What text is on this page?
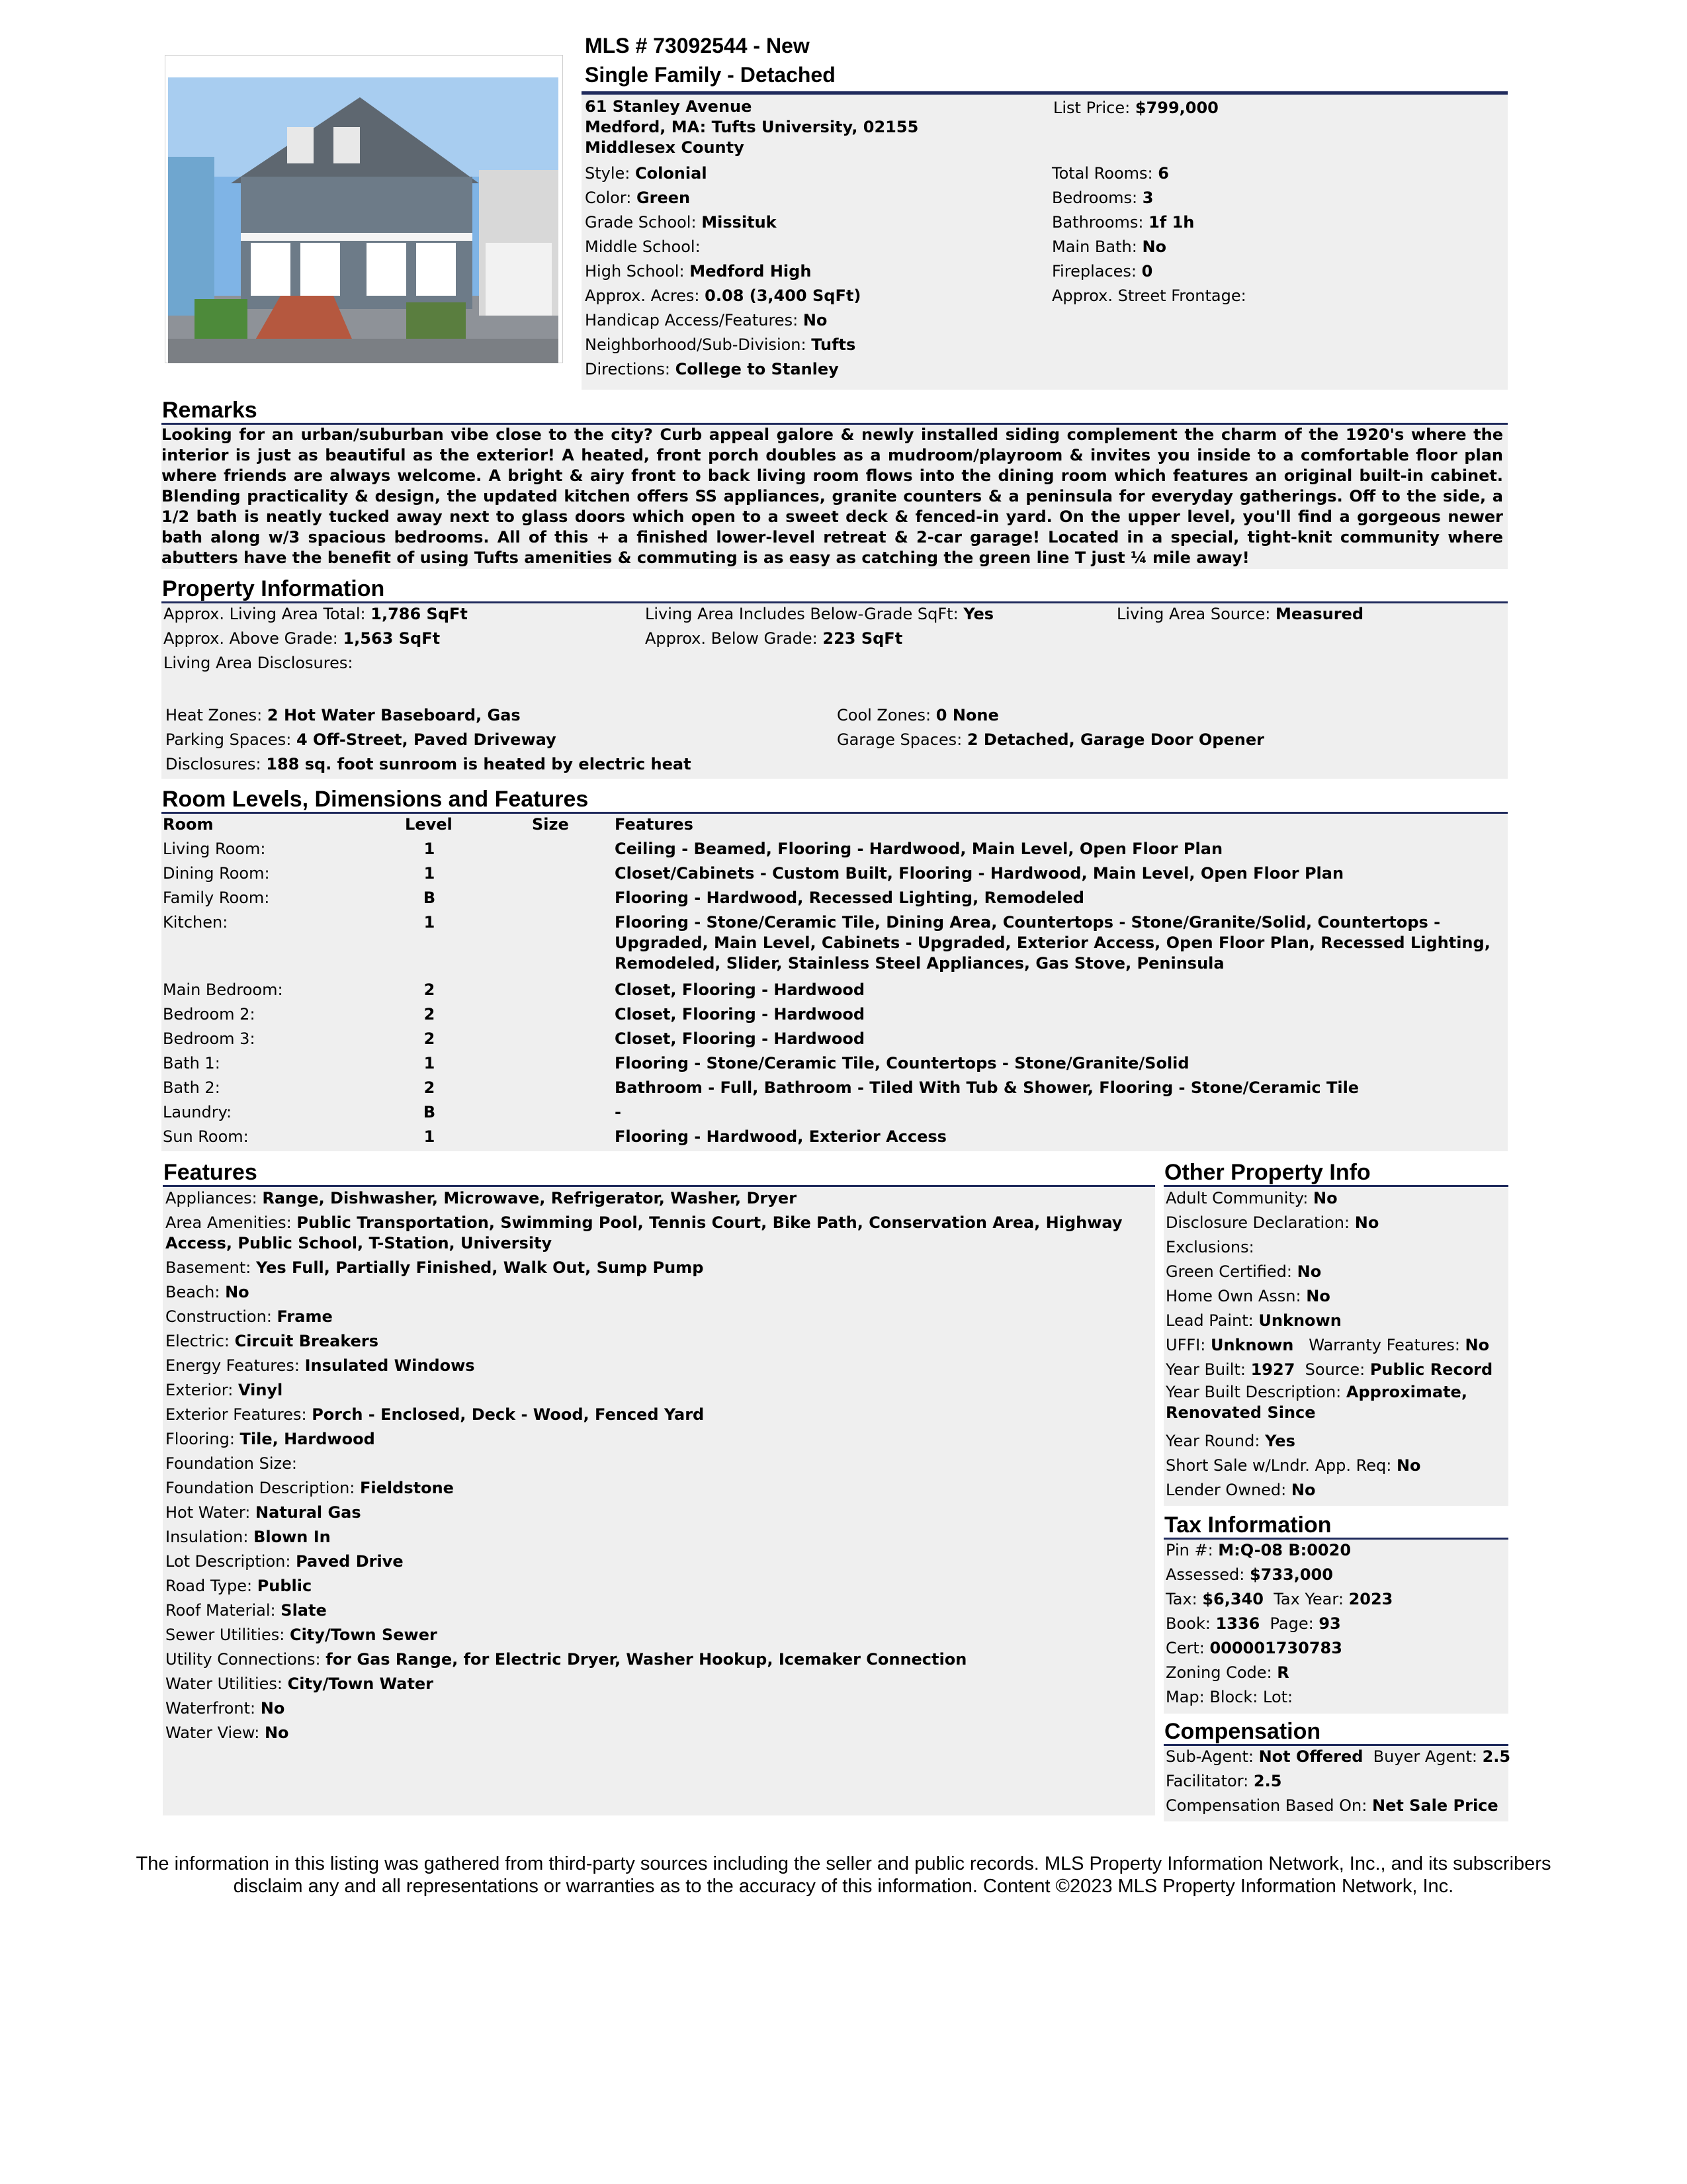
MLS # 73092544 - New
Single Family - Detached
61 Stanley Avenue
Medford, MA: Tufts University, 02155
Middlesex County
List Price: $799,000
Style: Colonial
Color: Green
Grade School: Missituk
Middle School:
High School: Medford High
Approx. Acres: 0.08 (3,400 SqFt)
Handicap Access/Features: No
Neighborhood/Sub-Division: Tufts
Directions: College to Stanley
Total Rooms: 6
Bedrooms: 3
Bathrooms: 1f 1h
Main Bath: No
Fireplaces: 0
Approx. Street Frontage:
Remarks
Looking for an urban/suburban vibe close to the city? Curb appeal galore & newly installed siding complement the charm of the 1920's where the interior is just as beautiful as the exterior! A heated, front porch doubles as a mudroom/playroom & invites you inside to a comfortable floor plan where friends are always welcome. A bright & airy front to back living room flows into the dining room which features an original built-in cabinet. Blending practicality & design, the updated kitchen offers SS appliances, granite counters & a peninsula for everyday gatherings. Off to the side, a 1/2 bath is neatly tucked away next to glass doors which open to a sweet deck & fenced-in yard. On the upper level, you'll find a gorgeous newer bath along w/3 spacious bedrooms. All of this + a finished lower-level retreat & 2-car garage! Located in a special, tight-knit community where abutters have the benefit of using Tufts amenities & commuting is as easy as catching the green line T just ¼ mile away!
Property Information
Approx. Living Area Total: 1,786 SqFt	Living Area Includes Below-Grade SqFt: Yes	Living Area Source: Measured
Approx. Above Grade: 1,563 SqFt	Approx. Below Grade: 223 SqFt
Living Area Disclosures:
Heat Zones: 2 Hot Water Baseboard, Gas	Cool Zones: 0 None
Parking Spaces: 4 Off-Street, Paved Driveway	Garage Spaces: 2 Detached, Garage Door Opener
Disclosures: 188 sq. foot sunroom is heated by electric heat
Room Levels, Dimensions and Features
Room	Level	Size	Features
Living Room:	1	Ceiling - Beamed, Flooring - Hardwood, Main Level, Open Floor Plan
Dining Room:	1	Closet/Cabinets - Custom Built, Flooring - Hardwood, Main Level, Open Floor Plan
Family Room:	B	Flooring - Hardwood, Recessed Lighting, Remodeled
Kitchen:	1	Flooring - Stone/Ceramic Tile, Dining Area, Countertops - Stone/Granite/Solid, Countertops - Upgraded, Main Level, Cabinets - Upgraded, Exterior Access, Open Floor Plan, Recessed Lighting, Remodeled, Slider, Stainless Steel Appliances, Gas Stove, Peninsula
Main Bedroom:	2	Closet, Flooring - Hardwood
Bedroom 2:	2	Closet, Flooring - Hardwood
Bedroom 3:	2	Closet, Flooring - Hardwood
Bath 1:	1	Flooring - Stone/Ceramic Tile, Countertops - Stone/Granite/Solid
Bath 2:	2	Bathroom - Full, Bathroom - Tiled With Tub & Shower, Flooring - Stone/Ceramic Tile
Laundry:	B	-
Sun Room:	1	Flooring - Hardwood, Exterior Access
Features
Appliances: Range, Dishwasher, Microwave, Refrigerator, Washer, Dryer
Area Amenities: Public Transportation, Swimming Pool, Tennis Court, Bike Path, Conservation Area, Highway Access, Public School, T-Station, University
Basement: Yes Full, Partially Finished, Walk Out, Sump Pump
Beach: No
Construction: Frame
Electric: Circuit Breakers
Energy Features: Insulated Windows
Exterior: Vinyl
Exterior Features: Porch - Enclosed, Deck - Wood, Fenced Yard
Flooring: Tile, Hardwood
Foundation Size:
Foundation Description: Fieldstone
Hot Water: Natural Gas
Insulation: Blown In
Lot Description: Paved Drive
Road Type: Public
Roof Material: Slate
Sewer Utilities: City/Town Sewer
Utility Connections: for Gas Range, for Electric Dryer, Washer Hookup, Icemaker Connection
Water Utilities: City/Town Water
Waterfront: No
Water View: No
Other Property Info
Adult Community: No
Disclosure Declaration: No
Exclusions:
Green Certified: No
Home Own Assn: No
Lead Paint: Unknown
UFFI: Unknown Warranty Features: No
Year Built: 1927 Source: Public Record
Year Built Description: Approximate,
Renovated Since
Year Round: Yes
Short Sale w/Lndr. App. Req: No
Lender Owned: No
Tax Information
Pin #: M:Q-08 B:0020
Assessed: $733,000
Tax: $6,340 Tax Year: 2023
Book: 1336 Page: 93
Cert: 000001730783
Zoning Code: R
Map: Block: Lot:
Compensation
Sub-Agent: Not Offered Buyer Agent: 2.5
Facilitator: 2.5
Compensation Based On: Net Sale Price
The information in this listing was gathered from third-party sources including the seller and public records. MLS Property Information Network, Inc., and its subscribers
disclaim any and all representations or warranties as to the accuracy of this information. Content ©2023 MLS Property Information Network, Inc.
